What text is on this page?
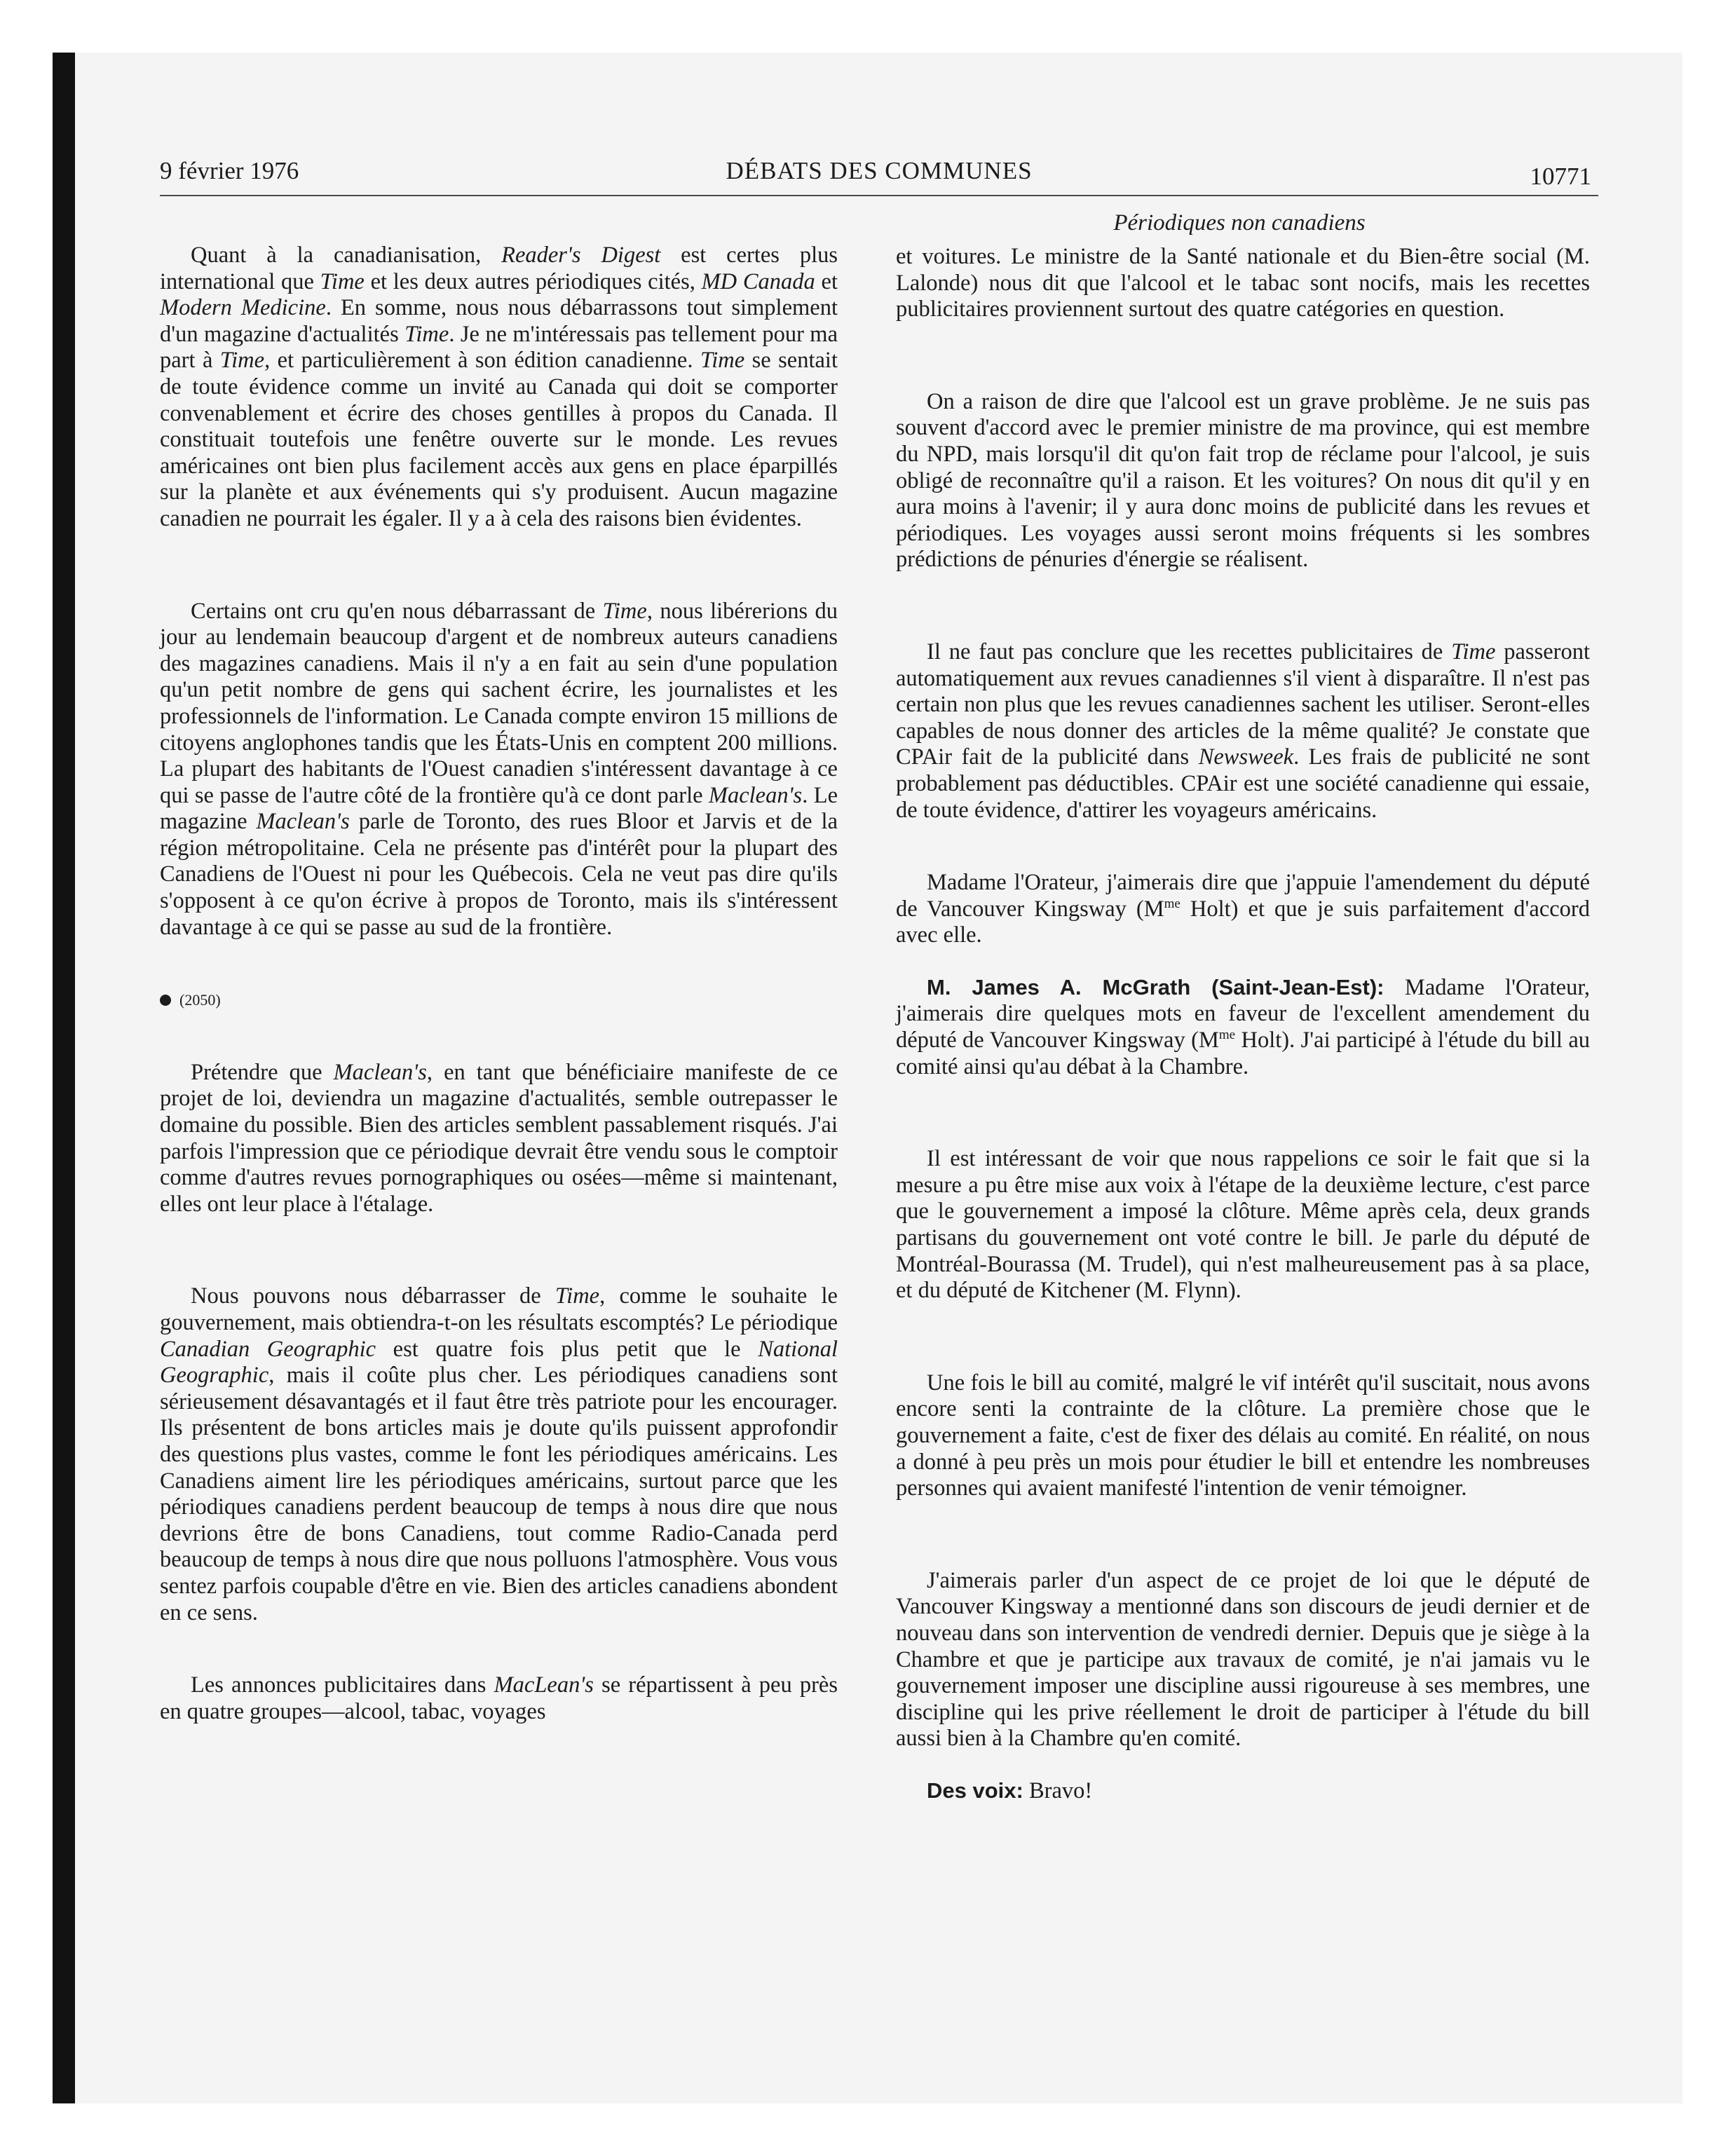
9 février 1976	DÉBATS DES COMMUNES	10771
Périodiques non canadiens

Quant à la canadianisation, Reader's Digest est certes plus international que Time et les deux autres périodiques cités, MD Canada et Modern Medicine. En somme, nous nous débarrassons tout simplement d'un magazine d'actualités Time. Je ne m'intéressais pas tellement pour ma part à Time, et particulièrement à son édition canadienne. Time se sentait de toute évidence comme un invité au Canada qui doit se comporter convenablement et écrire des choses gentilles à propos du Canada. Il constituait toutefois une fenêtre ouverte sur le monde. Les revues américaines ont bien plus facilement accès aux gens en place éparpillés sur la planète et aux événements qui s'y produisent. Aucun magazine canadien ne pourrait les égaler. Il y a à cela des raisons bien évidentes.

Certains ont cru qu'en nous débarrassant de Time, nous libérerions du jour au lendemain beaucoup d'argent et de nombreux auteurs canadiens des magazines canadiens. Mais il n'y a en fait au sein d'une population qu'un petit nombre de gens qui sachent écrire, les journalistes et les professionnels de l'information. Le Canada compte environ 15 millions de citoyens anglophones tandis que les États-Unis en comptent 200 millions. La plupart des habitants de l'Ouest canadien s'intéressent davantage à ce qui se passe de l'autre côté de la frontière qu'à ce dont parle Maclean's. Le magazine Maclean's parle de Toronto, des rues Bloor et Jarvis et de la région métropolitaine. Cela ne présente pas d'intérêt pour la plupart des Canadiens de l'Ouest ni pour les Québecois. Cela ne veut pas dire qu'ils s'opposent à ce qu'on écrive à propos de Toronto, mais ils s'intéressent davantage à ce qui se passe au sud de la frontière.

(2050)

Prétendre que Maclean's, en tant que bénéficiaire manifeste de ce projet de loi, deviendra un magazine d'actualités, semble outrepasser le domaine du possible. Bien des articles semblent passablement risqués. J'ai parfois l'impression que ce périodique devrait être vendu sous le comptoir comme d'autres revues pornographiques ou osées—même si maintenant, elles ont leur place à l'étalage.

Nous pouvons nous débarrasser de Time, comme le souhaite le gouvernement, mais obtiendra-t-on les résultats escomptés? Le périodique Canadian Geographic est quatre fois plus petit que le National Geographic, mais il coûte plus cher. Les périodiques canadiens sont sérieusement désavantagés et il faut être très patriote pour les encourager. Ils présentent de bons articles mais je doute qu'ils puissent approfondir des questions plus vastes, comme le font les périodiques américains. Les Canadiens aiment lire les périodiques américains, surtout parce que les périodiques canadiens perdent beaucoup de temps à nous dire que nous devrions être de bons Canadiens, tout comme Radio-Canada perd beaucoup de temps à nous dire que nous polluons l'atmosphère. Vous vous sentez parfois coupable d'être en vie. Bien des articles canadiens abondent en ce sens.

Les annonces publicitaires dans MacLean's se répartissent à peu près en quatre groupes—alcool, tabac, voyages

et voitures. Le ministre de la Santé nationale et du Bien-être social (M. Lalonde) nous dit que l'alcool et le tabac sont nocifs, mais les recettes publicitaires proviennent surtout des quatre catégories en question.

On a raison de dire que l'alcool est un grave problème. Je ne suis pas souvent d'accord avec le premier ministre de ma province, qui est membre du NPD, mais lorsqu'il dit qu'on fait trop de réclame pour l'alcool, je suis obligé de reconnaître qu'il a raison. Et les voitures? On nous dit qu'il y en aura moins à l'avenir; il y aura donc moins de publicité dans les revues et périodiques. Les voyages aussi seront moins fréquents si les sombres prédictions de pénuries d'énergie se réalisent.

Il ne faut pas conclure que les recettes publicitaires de Time passeront automatiquement aux revues canadiennes s'il vient à disparaître. Il n'est pas certain non plus que les revues canadiennes sachent les utiliser. Seront-elles capables de nous donner des articles de la même qualité? Je constate que CPAir fait de la publicité dans Newsweek. Les frais de publicité ne sont probablement pas déductibles. CPAir est une société canadienne qui essaie, de toute évidence, d'attirer les voyageurs américains.

Madame l'Orateur, j'aimerais dire que j'appuie l'amendement du député de Vancouver Kingsway ($M^{me}$ Holt) et que je suis parfaitement d'accord avec elle.

M. James A. McGrath (Saint-Jean-Est): Madame l'Orateur, j'aimerais dire quelques mots en faveur de l'excellent amendement du député de Vancouver Kingsway ($M^{me}$ Holt). J'ai participé à l'étude du bill au comité ainsi qu'au débat à la Chambre.

Il est intéressant de voir que nous rappelions ce soir le fait que si la mesure a pu être mise aux voix à l'étape de la deuxième lecture, c'est parce que le gouvernement a imposé la clôture. Même après cela, deux grands partisans du gouvernement ont voté contre le bill. Je parle du député de Montréal-Bourassa (M. Trudel), qui n'est malheureusement pas à sa place, et du député de Kitchener (M. Flynn).

Une fois le bill au comité, malgré le vif intérêt qu'il suscitait, nous avons encore senti la contrainte de la clôture. La première chose que le gouvernement a faite, c'est de fixer des délais au comité. En réalité, on nous a donné à peu près un mois pour étudier le bill et entendre les nombreuses personnes qui avaient manifesté l'intention de venir témoigner.

J'aimerais parler d'un aspect de ce projet de loi que le député de Vancouver Kingsway a mentionné dans son discours de jeudi dernier et de nouveau dans son intervention de vendredi dernier. Depuis que je siège à la Chambre et que je participe aux travaux de comité, je n'ai jamais vu le gouvernement imposer une discipline aussi rigoureuse à ses membres, une discipline qui les prive réellement le droit de participer à l'étude du bill aussi bien à la Chambre qu'en comité.

Des voix: Bravo!
